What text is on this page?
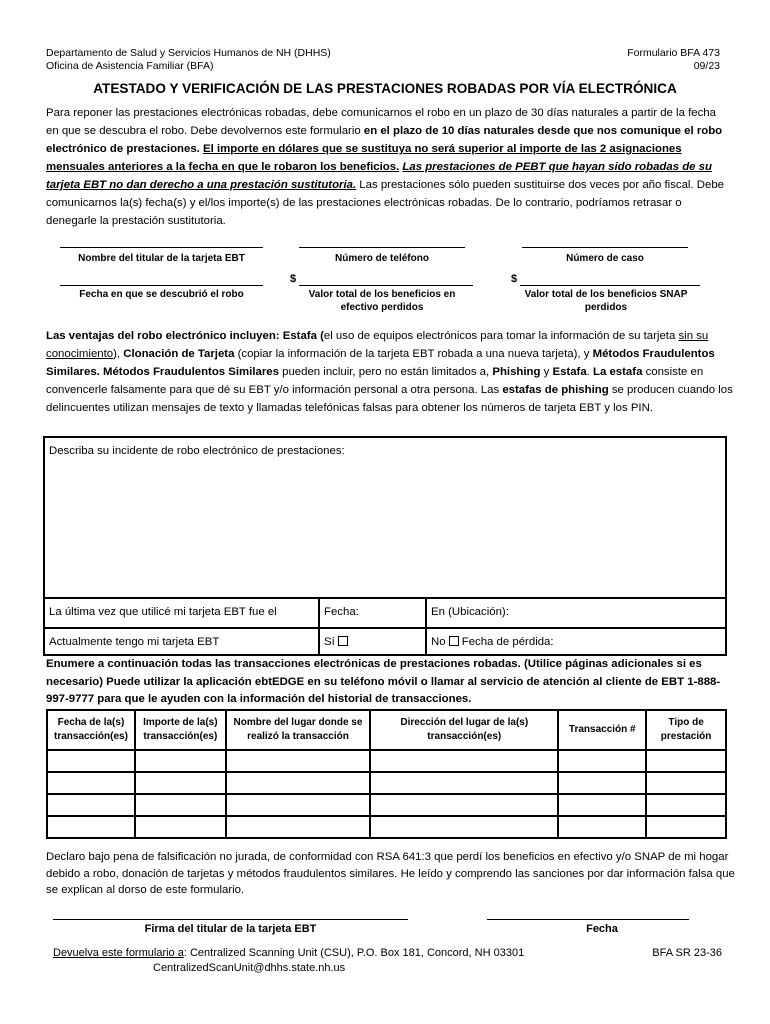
Departamento de Salud y Servicios Humanos de NH (DHHS)
Oficina de Asistencia Familiar (BFA)
Formulario BFA 473
09/23
ATESTADO Y VERIFICACIÓN DE LAS PRESTACIONES ROBADAS POR VÍA ELECTRÓNICA
Para reponer las prestaciones electrónicas robadas, debe comunicarnos el robo en un plazo de 30 días naturales a partir de la fecha en que se descubra el robo. Debe devolvernos este formulario en el plazo de 10 días naturales desde que nos comunique el robo electrónico de prestaciones. El importe en dólares que se sustituya no será superior al importe de las 2 asignaciones mensuales anteriores a la fecha en que le robaron los beneficios. Las prestaciones de PEBT que hayan sido robadas de su tarjeta EBT no dan derecho a una prestación sustitutoria. Las prestaciones sólo pueden sustituirse dos veces por año fiscal. Debe comunicarnos la(s) fecha(s) y el/los importe(s) de las prestaciones electrónicas robadas. De lo contrario, podríamos retrasar o denegarle la prestación sustitutoria.
Nombre del titular de la tarjeta EBT	Número de teléfono	Número de caso
Fecha en que se descubrió el robo
$
Valor total de los beneficios en efectivo perdidos
$
Valor total de los beneficios SNAP perdidos
Las ventajas del robo electrónico incluyen: Estafa (el uso de equipos electrónicos para tomar la información de su tarjeta sin su conocimiento), Clonación de Tarjeta (copiar la información de la tarjeta EBT robada a una nueva tarjeta), y Métodos Fraudulentos Similares. Métodos Fraudulentos Similares pueden incluir, pero no están limitados a, Phishing y Estafa. La estafa consiste en convencerle falsamente para que dé su EBT y/o información personal a otra persona. Las estafas de phishing se producen cuando los delincuentes utilizan mensajes de texto y llamadas telefónicas falsas para obtener los números de tarjeta EBT y los PIN.
Describa su incidente de robo electrónico de prestaciones:
La última vez que utilicé mi tarjeta EBT fue el	Fecha:	En (Ubicación):
Actualmente tengo mi tarjeta EBT	Sí	No Fecha de pérdida:
Enumere a continuación todas las transacciones electrónicas de prestaciones robadas. (Utilice páginas adicionales si es necesario) Puede utilizar la aplicación ebtEDGE en su teléfono móvil o llamar al servicio de atención al cliente de EBT 1-888-997-9777 para que le ayuden con la información del historial de transacciones.
Fecha de la(s) transacción(es)	Importe de la(s) transacción(es)	Nombre del lugar donde se realizó la transacción	Dirección del lugar de la(s) transacción(es)	Transacción #	Tipo de prestación

Declaro bajo pena de falsificación no jurada, de conformidad con RSA 641:3 que perdí los beneficios en efectivo y/o SNAP de mi hogar debido a robo, donación de tarjetas y métodos fraudulentos similares. He leído y comprendo las sanciones por dar información falsa que se explican al dorso de este formulario.
Firma del titular de la tarjeta EBT	Fecha
Devuelva este formulario a: Centralized Scanning Unit (CSU), P.O. Box 181, Concord, NH 03301
CentralizedScanUnit@dhhs.state.nh.us
BFA SR 23-36
